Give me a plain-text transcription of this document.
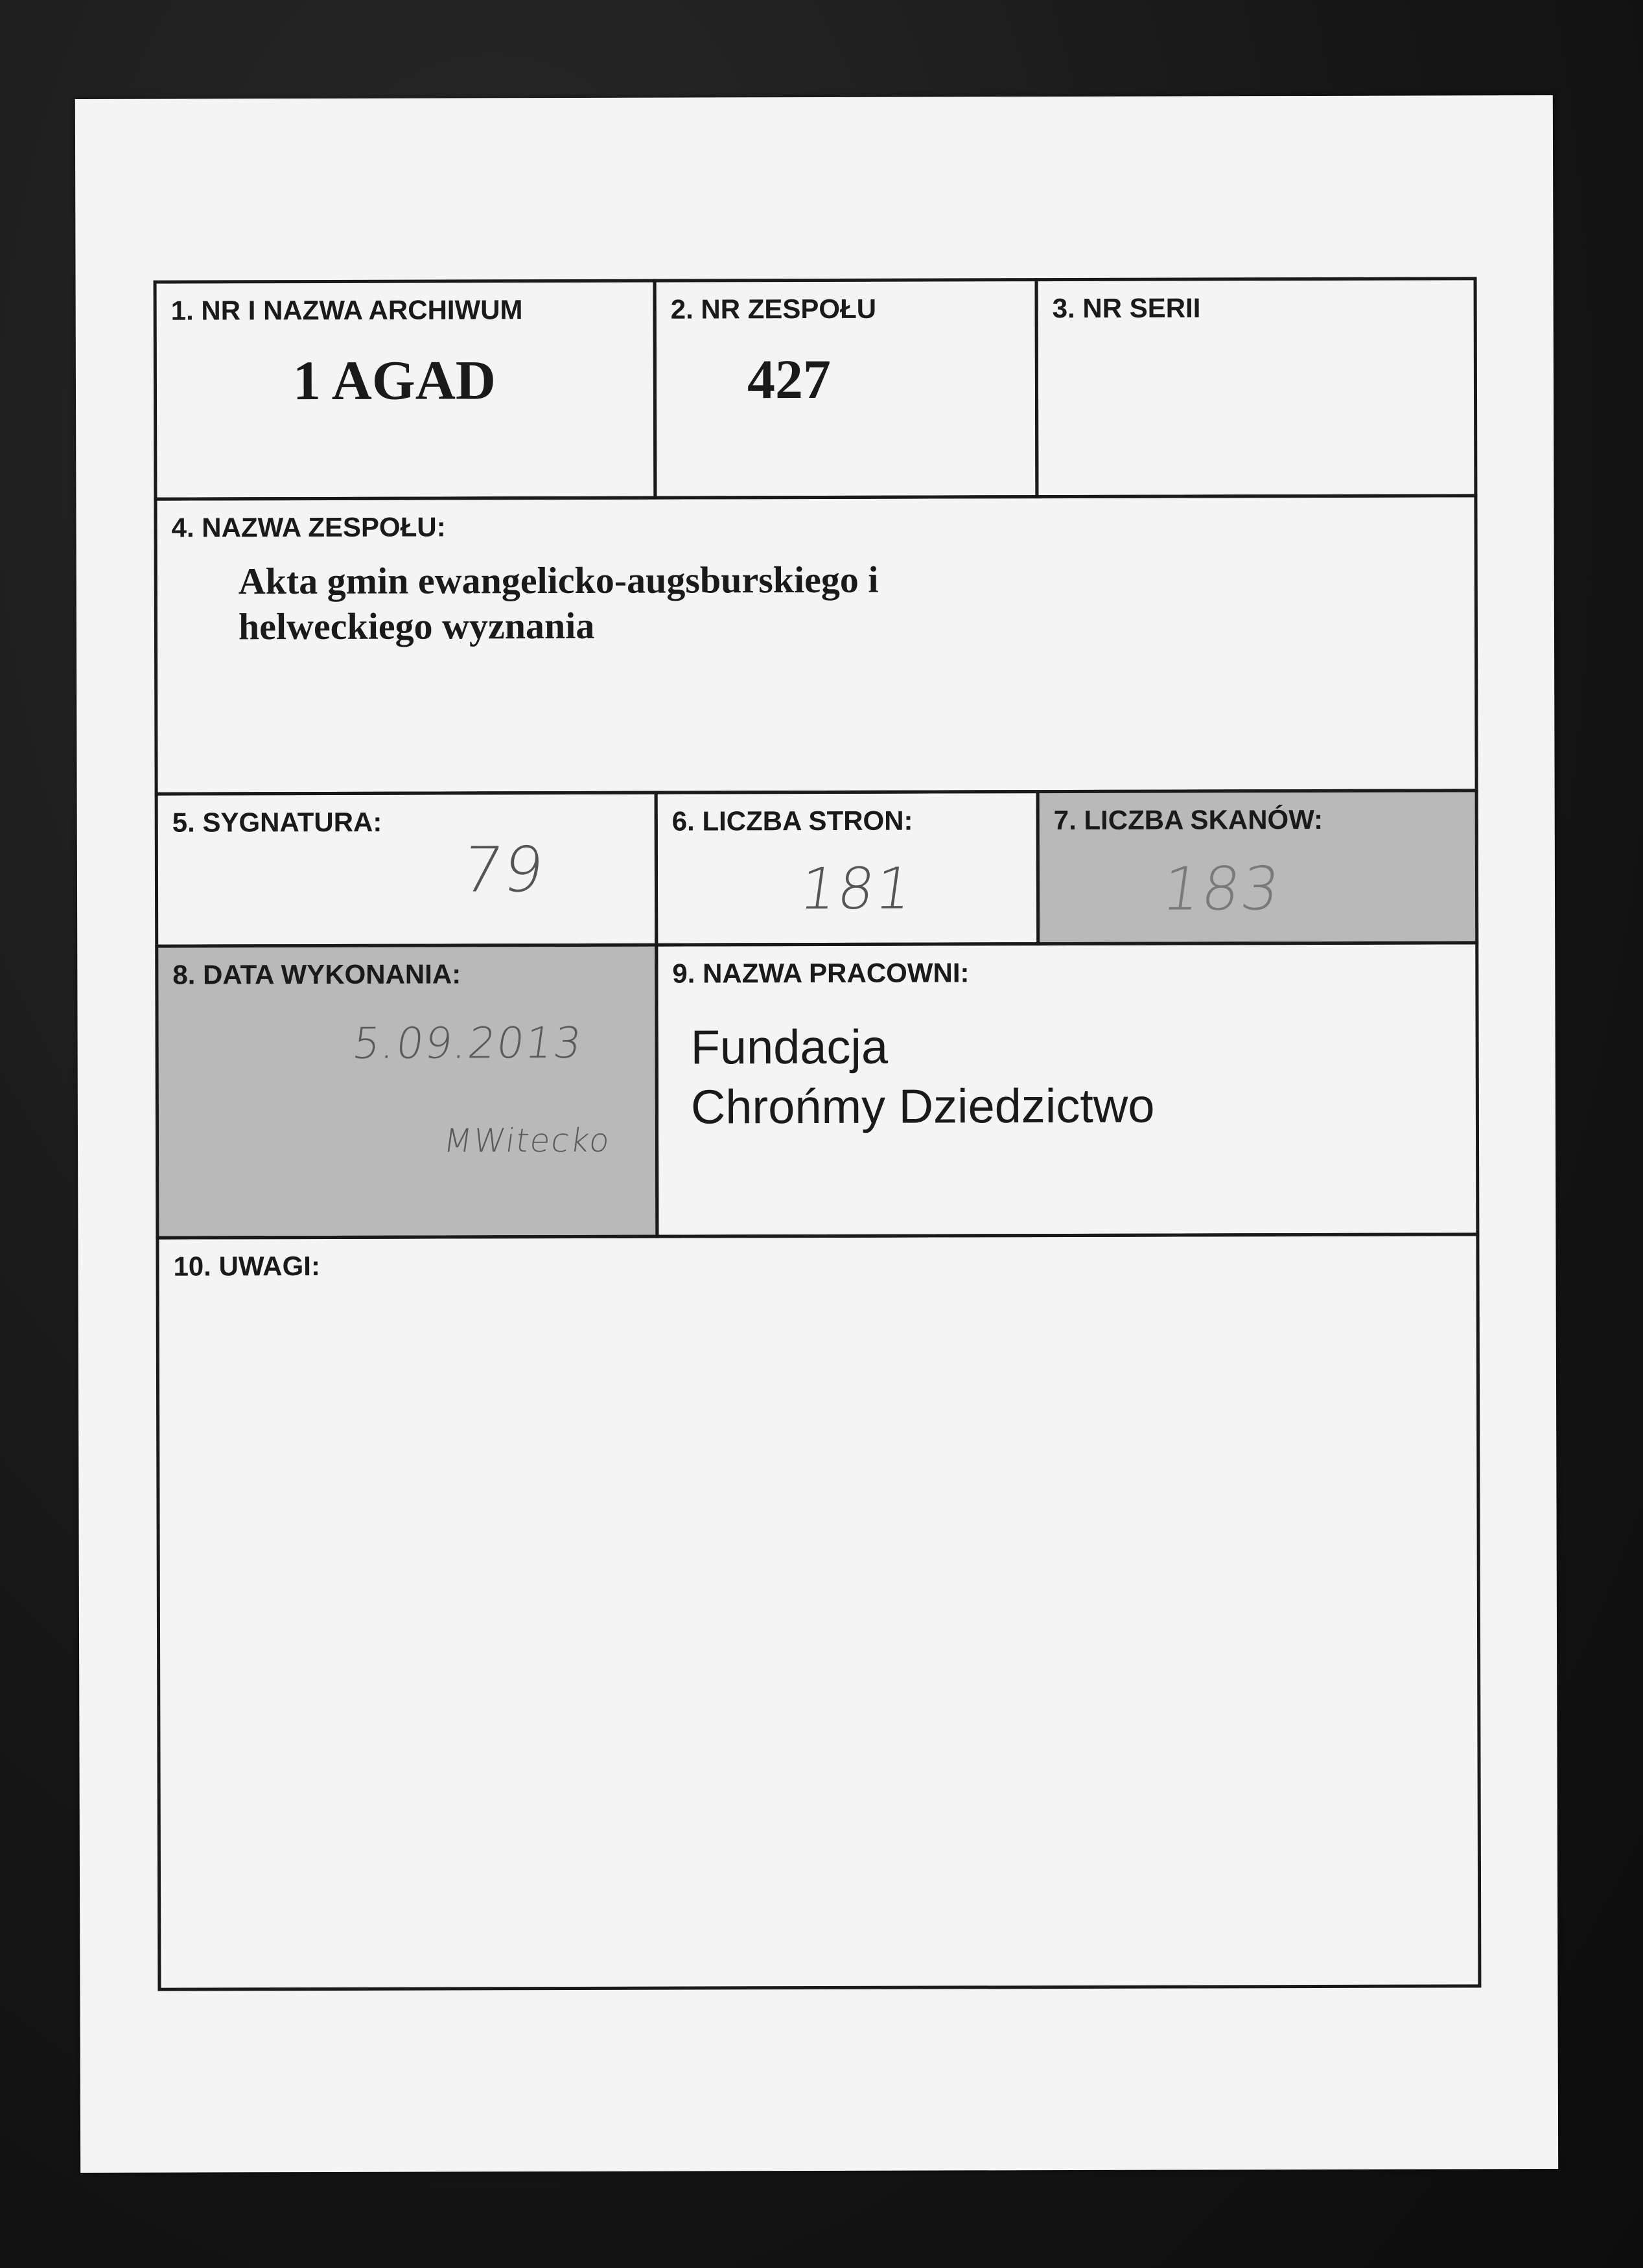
1. NR I NAZWA ARCHIWUM
1 AGAD
2. NR ZESPOŁU
427
3. NR SERII
4. NAZWA ZESPOŁU:
Akta gmin ewangelicko-augsburskiego i
helweckiego wyznania
5. SYGNATURA:
79
6. LICZBA STRON:
181
7. LICZBA SKANÓW:
183
8. DATA WYKONANIA:
5.09.2013
MWitecko
9. NAZWA PRACOWNI:
Fundacja
Chrońmy Dziedzictwo
10. UWAGI:
